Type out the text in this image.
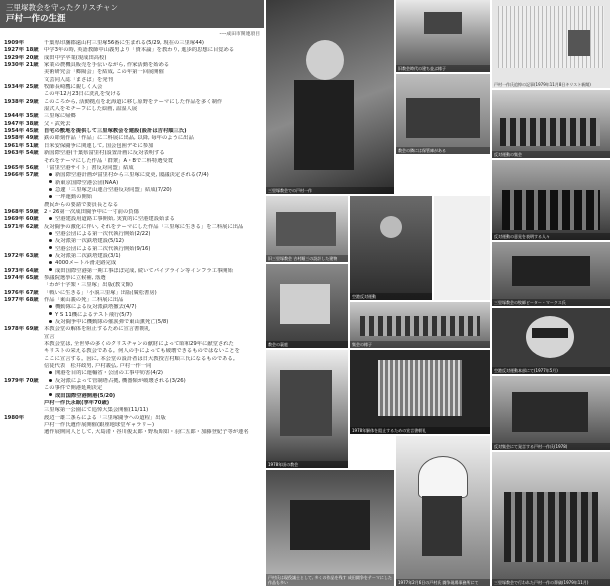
三里塚教会を守ったクリスチャン
戸村一作の生涯
----成田市関連項目
1909年	千葉県印旛郡遠山村三里塚56番に生まれる(5/29, 現在の三里塚44)
1927年 18歳	中学3年の時, 英語教師中山義男より「資本論」を教わり, 進歩的思想に目覚める
1929年 20歳	成田中学卒業(現成田高校)
1930年 21歳	家業の農機具販売を手伝いながら, 作家活動を始める
美術研究会「郷陽会」を結成, この年第一回展開催
文芸同人誌「まさば」を発刊
1934年 25歳	牧師長崎鷹に親しく入会
この年12月23日に洗礼を受ける
1938年 29歳	このころから, 活動拠点を北海道に移し原野をテーマにした作品を多く制作
湿式人をモチーフにした絵画, 温湿人展
1944年 35歳	三里塚に帰郷
1947年 38歳	父・武死去
1954年 45歳	自宅の敷地を提供して三里塚教会を建設(設計は吉村順三氏)
1958年 49歳	鉄の彫刻作品「作品」に二科展に出品, 以降, 毎年のように出品
1961年 51歳	日米安保闘争に関連して, 国会包囲デモに参加
1963年 54歳	新国際空港(千葉県富里村)設置計画に反対表明する
それをテーマにした作品「群衆」A・Bで二科特選受賞
1965年 56歳	「富里空港サイト」書反対同盟」結成
1966年 57歳	新国際空港計画が富里村から三里塚に変更, 閣議決定される(7/4)
新東京国際空港公団(NAA)
急遽「三里塚芝山連合空港反対同盟」結成(7/20)
一坪運動の開始
農民からの要請で委員長となる
1968年 59歳	2・26第一次成田闘争中に一寸前の負傷
1969年 60歳	空港建設用道路工事開始, 実質的に空港建設始まる
1971年 62歳	反対闘争の激化に伴い, それをテーマにした作品「三里塚に生きる」を二科展に出品
空港公団による第一次代執行開始(2/22)
反対派第一次鉄塔建設(5/12)
空港公団による第二次代執行開始(9/16)
1972年 63歳	反対派第二次鉄塔建設(3/1)
4000メートル滑走路完成
1973年 64歳	成田国際空港第一期工事ほぼ完成, 続いてパイプライン等インフラ工事開始
1974年 65歳	参議院選挙に立候補, 落選
「わが十字架・三里塚」出版(教文館)
1976年 67歳	「戦いに生きる」「小説三里塚」出版(廣松書房)
1977年 68歳	作品「東山義の死」二科展に出品
機動隊による反対派鉄塔撤去(4/7)
Y S 11機によるテスト飛行(5/7)
反対闘争中に機動隊の催涙弾で東山薫死亡(5/8)
1978年 69歳	本教会堂の解体を阻止するために宣言書朝礼
宣言
本教会堂は, 全世界の多くのクリスチャンの献財によって昭和29年に献堂された
キリストの栄える教会である。何人の手によっても破壊できるものではないことを
ここに宣言する。因に, 本公堂の設計者は日大教授吉村順三氏になるものである。
信徒代表　松井政男, 戸村義弘, 戸村一作一同
開港を目的に運輸省・公団の工事中妨害(4/2)
1979年 70歳	反対派によって管制塔占拠, 機器類が破壊される(3/26)
この事件で開港延期決定
成田国際空港開港(5/20)
戸村一作氏永眠(享年70歳)
三里塚第一公園にて追悼大集会開催(11/11)
1980年	渡辺一雄二条らによる「三里塚闘争への道程」出版
戸村一作氏遺作展開催(銀座地球堂ギャラリー)
遺作展開同人として, 大島渚・谷川俊太郎・野坂昭如・羽仁五郎・加藤登紀子等が連名
三里塚教会での戸村一作
旧教会時代の建ち並ぶ様子
戸村一作氏追悼の記事(1979年11月8日キリスト新聞)
教会の隣には保管庫がある
反対運動の集会
反対運動の意見を表明する人々
旧三里塚教会 吉村順三の設計した建物
空港反対運動
三里塚教会の牧師ピーター・マークス氏
教会の裏庭
空港反対運動本部にて(1977年5月)
集会の様子
1978年解体を阻止するための宣言書朝礼
反対集会にて発言する戸村一作氏(1978)
1978年頃の教会
戸村氏は現役議士として, 多くの作品を残す 成田闘争をテーマにした作品も多い	1977年2月6日の戸村氏 闘争現場事務所にて	三里塚教会で行われた戸村一作の葬儀(1979年11月)
